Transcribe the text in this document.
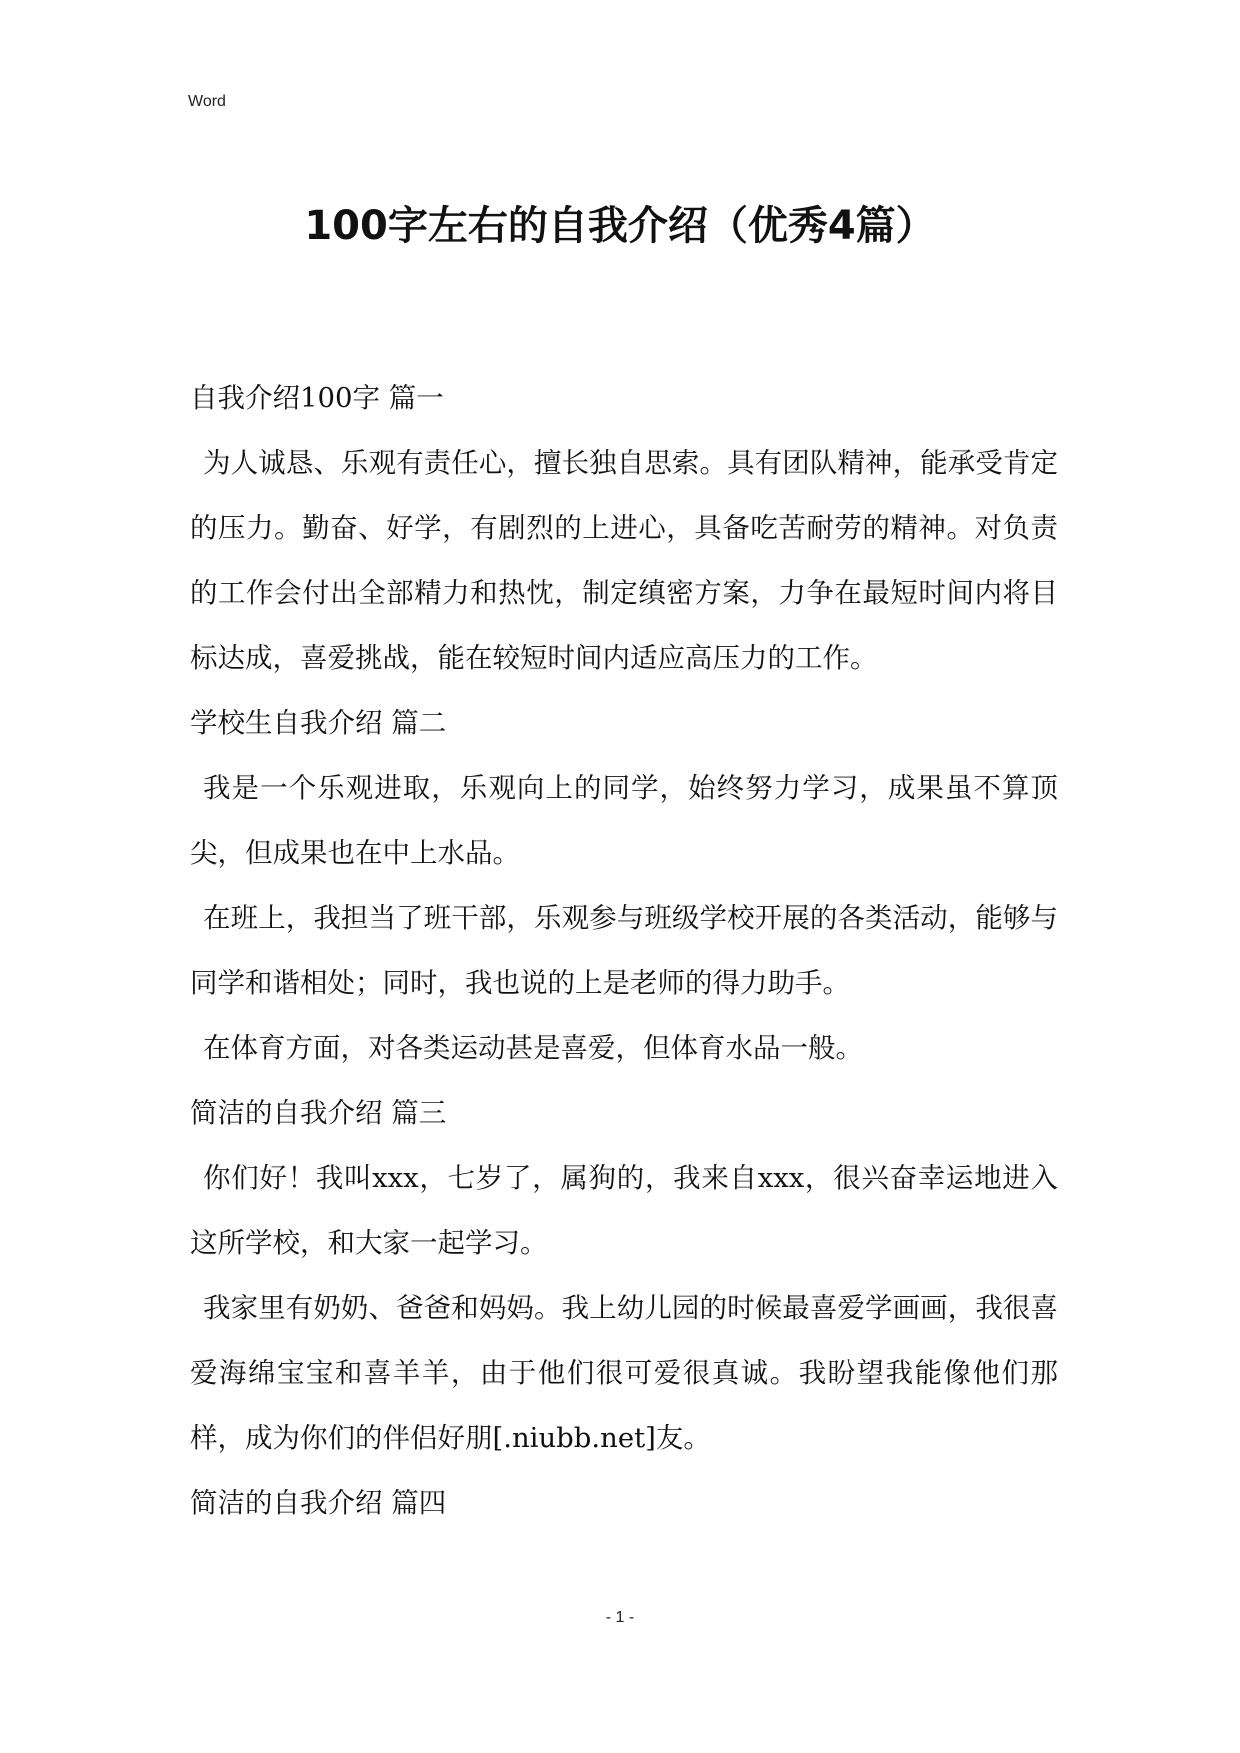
Word
100字左右的自我介绍（优秀4篇）

自我介绍100字 篇一

为人诚恳、乐观有责任心，擅长独自思索。具有团队精神，能承受肯定的压力。勤奋、好学，有剧烈的上进心，具备吃苦耐劳的精神。对负责的工作会付出全部精力和热忱，制定缜密方案，力争在最短时间内将目标达成，喜爱挑战，能在较短时间内适应高压力的工作。

学校生自我介绍 篇二

我是一个乐观进取，乐观向上的同学，始终努力学习，成果虽不算顶尖，但成果也在中上水品。

在班上，我担当了班干部，乐观参与班级学校开展的各类活动，能够与同学和谐相处；同时，我也说的上是老师的得力助手。

在体育方面，对各类运动甚是喜爱，但体育水品一般。

简洁的自我介绍 篇三

你们好！我叫xxx，七岁了，属狗的，我来自xxx，很兴奋幸运地进入这所学校，和大家一起学习。

我家里有奶奶、爸爸和妈妈。我上幼儿园的时候最喜爱学画画，我很喜爱海绵宝宝和喜羊羊，由于他们很可爱很真诚。我盼望我能像他们那样，成为你们的伴侣好朋[.niubb.net]友。

简洁的自我介绍 篇四

- 1 -
